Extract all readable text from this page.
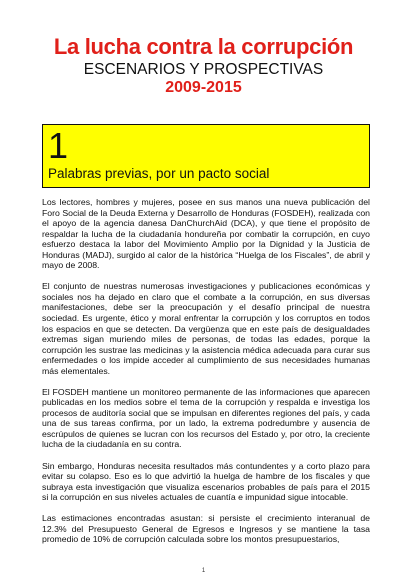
La lucha contra la corrupción
ESCENARIOS Y PROSPECTIVAS
2009-2015
1
Palabras previas, por un pacto social

Los lectores, hombres y mujeres, posee en sus manos una nueva publicación del Foro Social de la Deuda Externa y Desarrollo de Honduras (FOSDEH), realizada con el apoyo de la agencia danesa DanChurchAid (DCA), y que tiene el propósito de respaldar la lucha de la ciudadanía hondureña por combatir la corrupción, en cuyo esfuerzo destaca la labor del Movimiento Amplio por la Dignidad y la Justicia de Honduras (MADJ), surgido al calor de la histórica “Huelga de los Fiscales”, de abril y mayo de 2008.

El conjunto de nuestras numerosas investigaciones y publicaciones económicas y sociales nos ha dejado en claro que el combate a la corrupción, en sus diversas manifestaciones, debe ser la preocupación y el desafío principal de nuestra sociedad. Es urgente, ético y moral enfrentar la corrupción y los corruptos en todos los espacios en que se detecten. Da vergüenza que en este país de desigualdades extremas sigan muriendo miles de personas, de todas las edades, porque la corrupción les sustrae las medicinas y la asistencia médica adecuada para curar sus enfermedades o los impide acceder al cumplimiento de sus necesidades humanas más elementales.

El FOSDEH mantiene un monitoreo permanente de las informaciones que aparecen publicadas en los medios sobre el tema de la corrupción y respalda e investiga los procesos de auditoría social que se impulsan en diferentes regiones del país, y cada una de sus tareas confirma, por un lado, la extrema podredumbre y ausencia de escrúpulos de quienes se lucran con los recursos del Estado y, por otro, la creciente lucha de la ciudadanía en su contra.

Sin embargo, Honduras necesita resultados más contundentes y a corto plazo para evitar su colapso. Eso es lo que advirtió la huelga de hambre de los fiscales y que subraya esta investigación que visualiza escenarios probables de país para el 2015 si la corrupción en sus niveles actuales de cuantía e impunidad sigue intocable.

Las estimaciones encontradas asustan: si persiste el crecimiento interanual de 12.3% del Presupuesto General de Egresos e Ingresos y se mantiene la tasa promedio de 10% de corrupción calculada sobre los montos presupuestarios,

1
